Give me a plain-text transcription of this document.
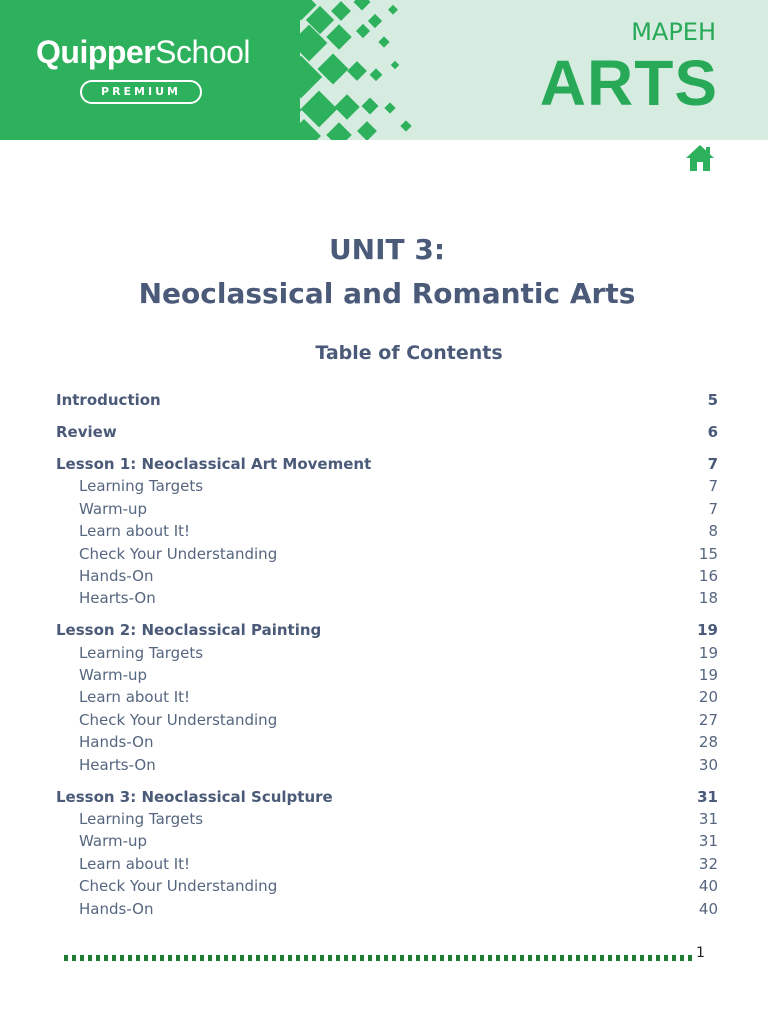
QuipperSchool
PREMIUM
MAPEH
ARTS
UNIT 3:
Neoclassical and Romantic Arts
Table of Contents
Introduction	5
Review	6
Lesson 1: Neoclassical Art Movement	7
Learning Targets	7
Warm-up	7
Learn about It!	8
Check Your Understanding	15
Hands-On	16
Hearts-On	18
Lesson 2: Neoclassical Painting	19
Learning Targets	19
Warm-up	19
Learn about It!	20
Check Your Understanding	27
Hands-On	28
Hearts-On	30
Lesson 3: Neoclassical Sculpture	31
Learning Targets	31
Warm-up	31
Learn about It!	32
Check Your Understanding	40
Hands-On	40
1
